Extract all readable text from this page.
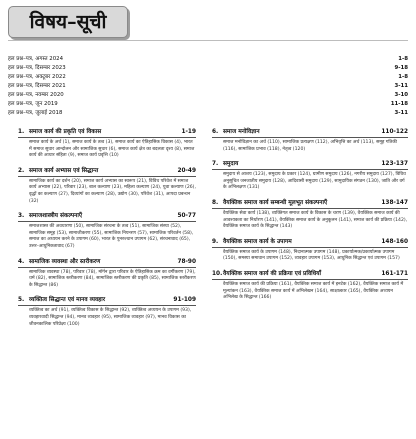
विषय–सूची
हल प्रश्न–पत्र, अगस्त 2024	1-8
हल प्रश्न–पत्र, दिसम्बर 2023	9-18
हल प्रश्न–पत्र, अक्टूबर 2022	1-8
हल प्रश्न–पत्र, दिसम्बर 2021	3-11
हल प्रश्न–पत्र, नवम्बर 2020	3-10
हल प्रश्न–पत्र, जून 2019	11-18
हल प्रश्न–पत्र, जुलाई 2018	3-11
1. समाज कार्य की प्रकृति एवं विकास	1-19
समाज कार्य के अर्थ (1), समाज कार्य के तत्व (3), समाज कार्य का ऐतिहासिक विकास (4), भारत में समाज सुधार आन्दोलन और सामाजिक सुधार (6), समाज कार्य क्षेत्र का बदलता दृश्य (8), समाज कार्य की आधार संहिता (9), समाज कार्य प्रवृत्ति (10)
2. समाज कार्य अभ्यास एवं सिद्धान्त	20-49
सामाजिक कार्य का दर्शन (20), समाज कार्य अभ्यास का स्वरूप (21), विविध परिवेश में समाज कार्य अभ्यास (22), परिवार (23), बाल कल्याण (23), महिला कल्याण (24), युवा कल्याण (26), वृद्धों का कल्याण (27), दिव्यांगों का कल्याण (28), उद्योग (30), परिवेश (31), आपदा प्रबन्धन (32)
3. समाजशास्त्रीय संकल्पनाएँ	50-77
समाजशास्त्र की अवधारणा (50), सामाजिक संरचना के तत्व (51), सामाजिक संस्था (52), सामाजिक समूह (53), सामाजीकरण (55), सामाजिक नियन्त्रण (57), सामाजिक परिवर्तन (58), समाज का अध्ययन करने के उपागम (60), भारत के पुनरुत्थान उपागम (62), संरचनावाद (65), उत्तर–आधुनिकतावाद (67)
4. सामाजिक व्यवस्था और स्तरीकरण	78-90
सामाजिक व्यवस्था (78), परिवार (78), मॉर्गन द्वारा परिवार के ऐतिहासिक क्रम का वर्गीकरण (79), धर्म (82), सामाजिक स्तरीकरण (84), सामाजिक स्तरीकरण की प्रकृति (85), सामाजिक स्तरीकरण के सिद्धान्त (86)
5. व्यक्तित्व सिद्धान्त एवं मानव व्यवहार	91-109
व्यक्तित्व का अर्थ (91), व्यक्तित्व विकास के सिद्धान्त (92), व्यक्तित्व अध्ययन के उपागम (93), व्यवहारवादी सिद्धान्त (94), मानव व्यवहार (95), सामाजिक व्यवहार (97), मानव विकास का जीवनकालिक परिप्रेक्ष्य (100)
6. समाज मनोविज्ञान	110-122
समाज मनोविज्ञान का अर्थ (110), सामाजिक प्रत्यक्षण (112), अभिवृत्ति का अर्थ (113), समूह गतिकी (116), सामाजिक प्रभाव (118), नेतृत्व (120)
7. समुदाय	123-137
समुदाय से आशय (123), समुदाय के प्रकार (124), ग्रामीण समुदाय (126), नगरीय समुदाय (127), विविध अनुसूचित जनजातीय समुदाय (128), आदिवासी समुदाय (129), सामुदायिक संगठन (130), जाति और वर्ग के अभिलक्षण (131)
8. वैयक्तिक समाज कार्य सम्बन्धी मूलभूत संकल्पनाएँ	138-147
वैयक्तिक सेवा कार्य (138), व्यक्तिगत समाज कार्य के विकास के चरण (139), वैयक्तिक समाज कार्य की आवश्यकता का निर्धारण (141), वैयक्तिक समाज कार्य के अनुकूलन (141), समाज कार्य की प्रक्रिया (142), वैयक्तिक समाज कार्य के सिद्धान्त (143)
9. वैयक्तिक समाज कार्य के उपागम	148-160
वैयक्तिक समाज कार्य के उपागम (148), निदानात्मक उपागम (148), प्रकार्यात्मक/प्रकार्यात्मक उपागम (150), समस्या समाधान उपागम (152), व्यवहार उपागम (153), आधुनिक सिद्धान्त एवं उपागम (157)
10. वैयक्तिक समाज कार्य की प्रक्रिया एवं प्रविधियाँ	161-171
वैयक्तिक समाज कार्य की प्रक्रिया (161), वैयक्तिक समाज कार्य में इनटेक (162), वैयक्तिक समाज कार्य में मूल्यांकन (163), वैयक्तिक समाज कार्य में अभिलेखन (164), साक्षात्कार (165), वैयक्तिक अध्ययन अभिलेख के सिद्धान्त (166)
